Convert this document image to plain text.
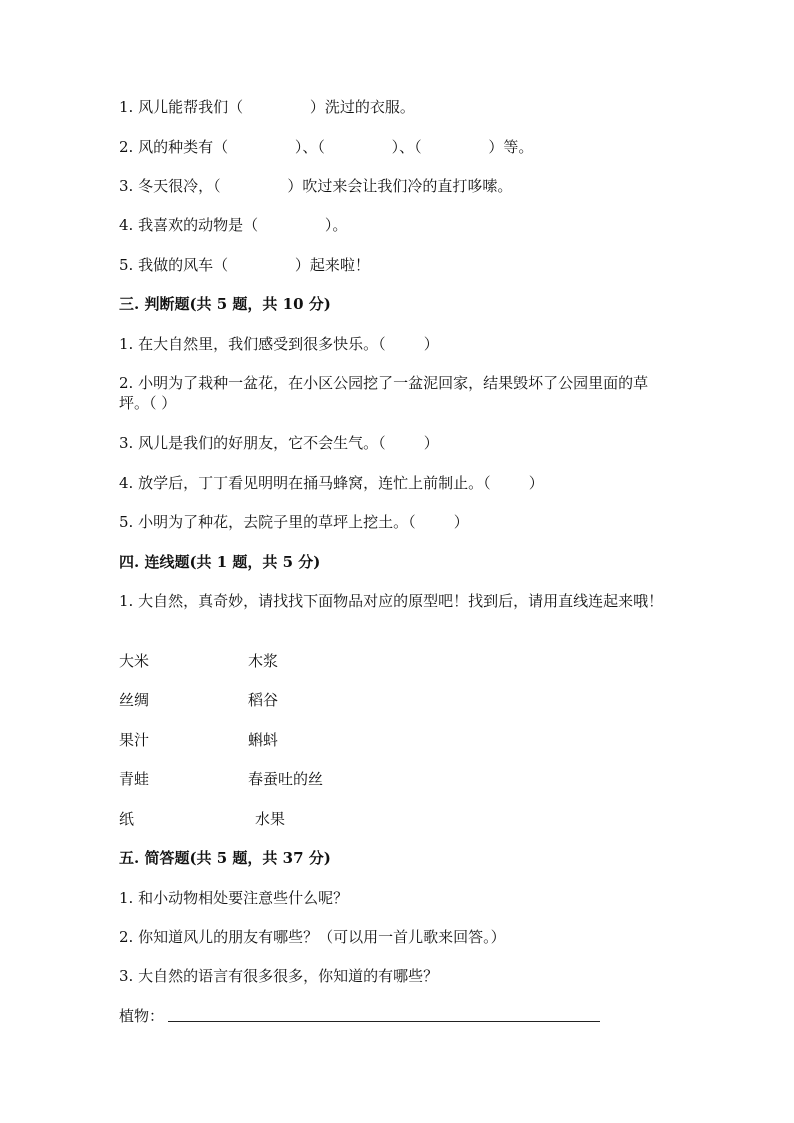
1. 风儿能帮我们（              ）洗过的衣服。

2. 风的种类有（              ）、（              ）、（              ）等。

3. 冬天很冷，（              ）吹过来会让我们冷的直打哆嗦。

4. 我喜欢的动物是（              ）。

5. 我做的风车（              ）起来啦！

三. 判断题(共 5 题，共 10 分)

1. 在大自然里，我们感受到很多快乐。（        ）

2. 小明为了栽种一盆花，在小区公园挖了一盆泥回家，结果毁坏了公园里面的草坪。（ ）

3. 风儿是我们的好朋友，它不会生气。（        ）

4. 放学后，丁丁看见明明在捅马蜂窝，连忙上前制止。（        ）

5. 小明为了种花，去院子里的草坪上挖土。（        ）

四. 连线题(共 1 题，共 5 分)

1. 大自然，真奇妙，请找找下面物品对应的原型吧！找到后，请用直线连起来哦！

大米	木浆
丝绸	稻谷
果汁	蝌蚪
青蛙	春蚕吐的丝
纸	水果

五. 简答题(共 5 题，共 37 分)

1. 和小动物相处要注意些什么呢？

2. 你知道风儿的朋友有哪些？（可以用一首儿歌来回答。）

3. 大自然的语言有很多很多，你知道的有哪些？

植物：
